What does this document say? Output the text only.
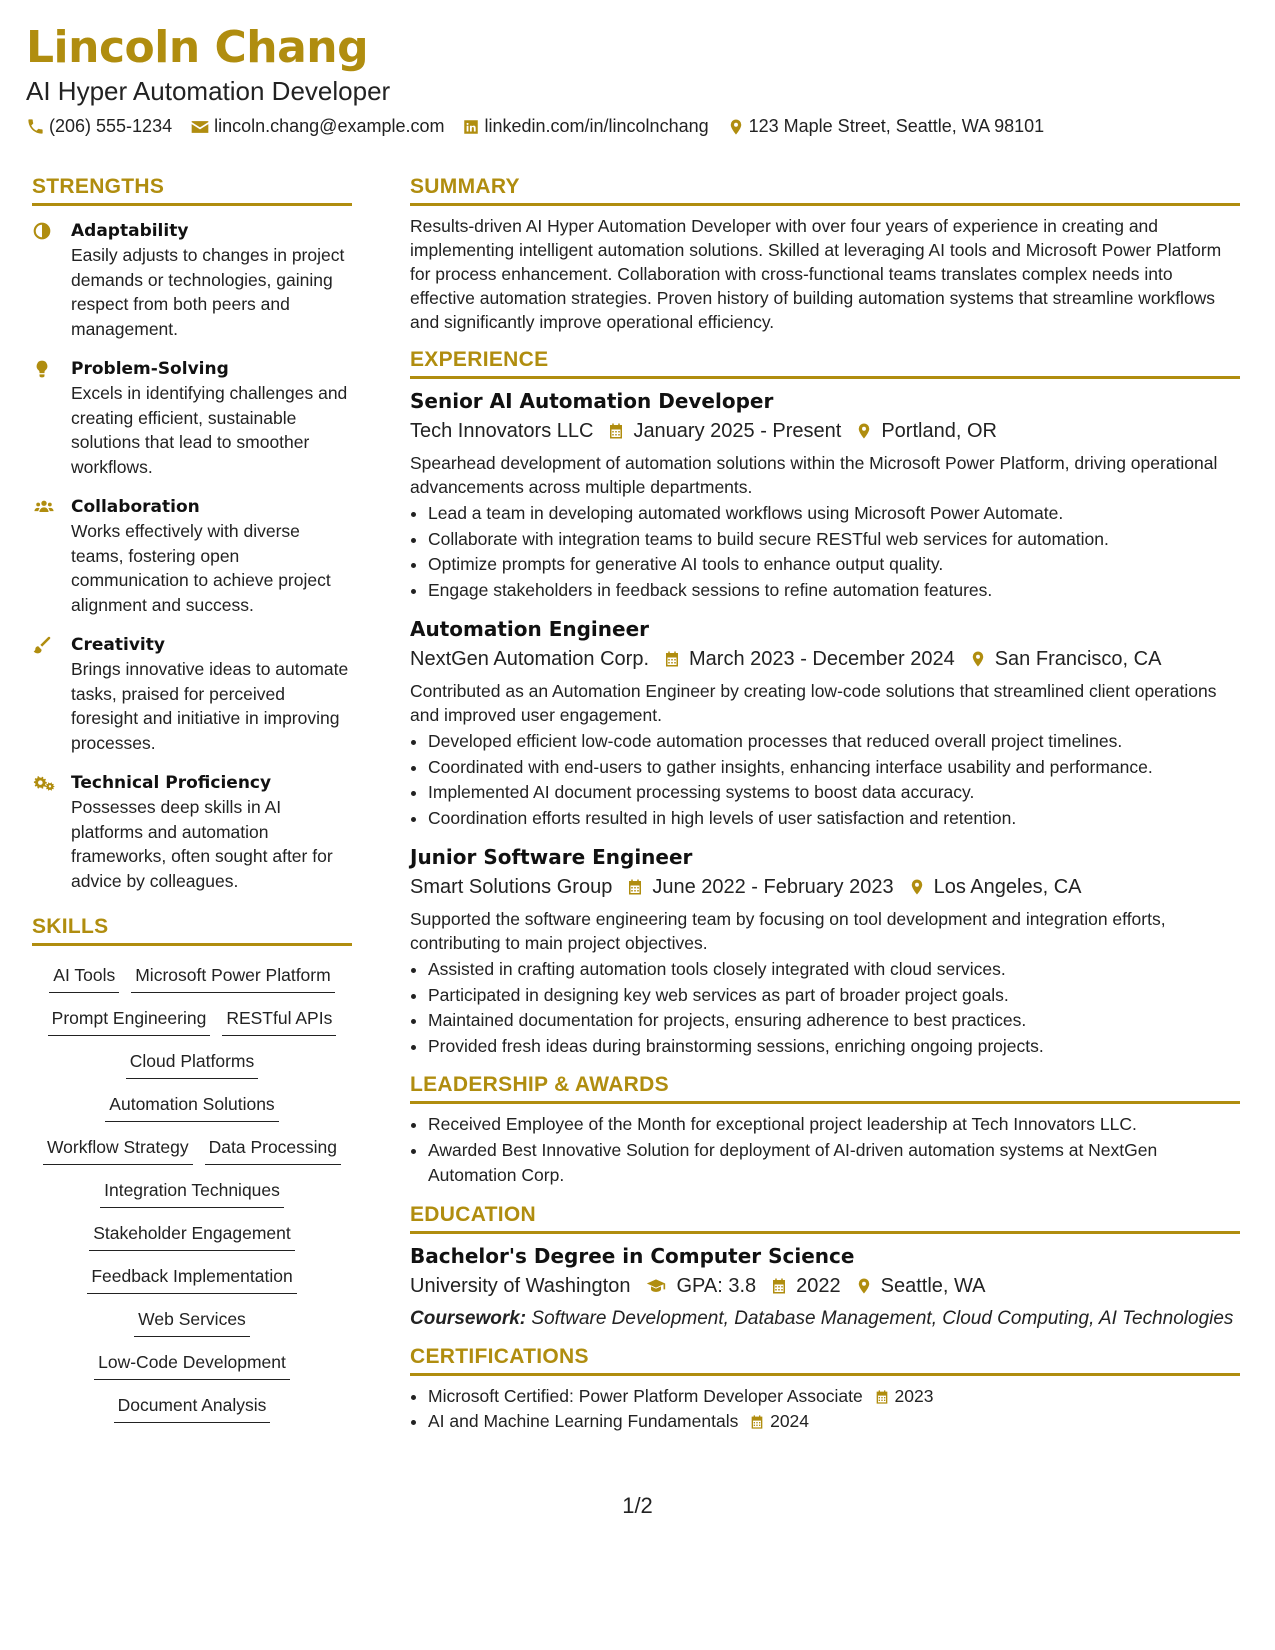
Lincoln Chang
AI Hyper Automation Developer
(206) 555-1234 lincoln.chang@example.com linkedin.com/in/lincolnchang 123 Maple Street, Seattle, WA 98101
STRENGTHS
Adaptability
Easily adjusts to changes in project demands or technologies, gaining respect from both peers and management.
Problem-Solving
Excels in identifying challenges and creating efficient, sustainable solutions that lead to smoother workflows.
Collaboration
Works effectively with diverse teams, fostering open communication to achieve project alignment and success.
Creativity
Brings innovative ideas to automate tasks, praised for perceived foresight and initiative in improving processes.
Technical Proficiency
Possesses deep skills in AI platforms and automation frameworks, often sought after for advice by colleagues.
SKILLS
AI Tools Microsoft Power Platform
Prompt Engineering RESTful APIs
Cloud Platforms
Automation Solutions
Workflow Strategy Data Processing
Integration Techniques
Stakeholder Engagement
Feedback Implementation
Web Services
Low-Code Development
Document Analysis
SUMMARY

Results-driven AI Hyper Automation Developer with over four years of experience in creating and implementing intelligent automation solutions. Skilled at leveraging AI tools and Microsoft Power Platform for process enhancement. Collaboration with cross-functional teams translates complex needs into effective automation strategies. Proven history of building automation systems that streamline workflows and significantly improve operational efficiency.

EXPERIENCE
Senior AI Automation Developer
Tech Innovators LLC January 2025 - Present Portland, OR
Spearhead development of automation solutions within the Microsoft Power Platform, driving operational advancements across multiple departments.
• Lead a team in developing automated workflows using Microsoft Power Automate.
• Collaborate with integration teams to build secure RESTful web services for automation.
• Optimize prompts for generative AI tools to enhance output quality.
• Engage stakeholders in feedback sessions to refine automation features.
Automation Engineer
NextGen Automation Corp. March 2023 - December 2024 San Francisco, CA
Contributed as an Automation Engineer by creating low-code solutions that streamlined client operations and improved user engagement.
• Developed efficient low-code automation processes that reduced overall project timelines.
• Coordinated with end-users to gather insights, enhancing interface usability and performance.
• Implemented AI document processing systems to boost data accuracy.
• Coordination efforts resulted in high levels of user satisfaction and retention.
Junior Software Engineer
Smart Solutions Group June 2022 - February 2023 Los Angeles, CA
Supported the software engineering team by focusing on tool development and integration efforts, contributing to main project objectives.
• Assisted in crafting automation tools closely integrated with cloud services.
• Participated in designing key web services as part of broader project goals.
• Maintained documentation for projects, ensuring adherence to best practices.
• Provided fresh ideas during brainstorming sessions, enriching ongoing projects.
LEADERSHIP & AWARDS
• Received Employee of the Month for exceptional project leadership at Tech Innovators LLC.
• Awarded Best Innovative Solution for deployment of AI-driven automation systems at NextGen Automation Corp.
EDUCATION
Bachelor's Degree in Computer Science
University of Washington GPA: 3.8 2022 Seattle, WA
Coursework: Software Development, Database Management, Cloud Computing, AI Technologies
CERTIFICATIONS
• Microsoft Certified: Power Platform Developer Associate 2023
• AI and Machine Learning Fundamentals 2024
1/2
